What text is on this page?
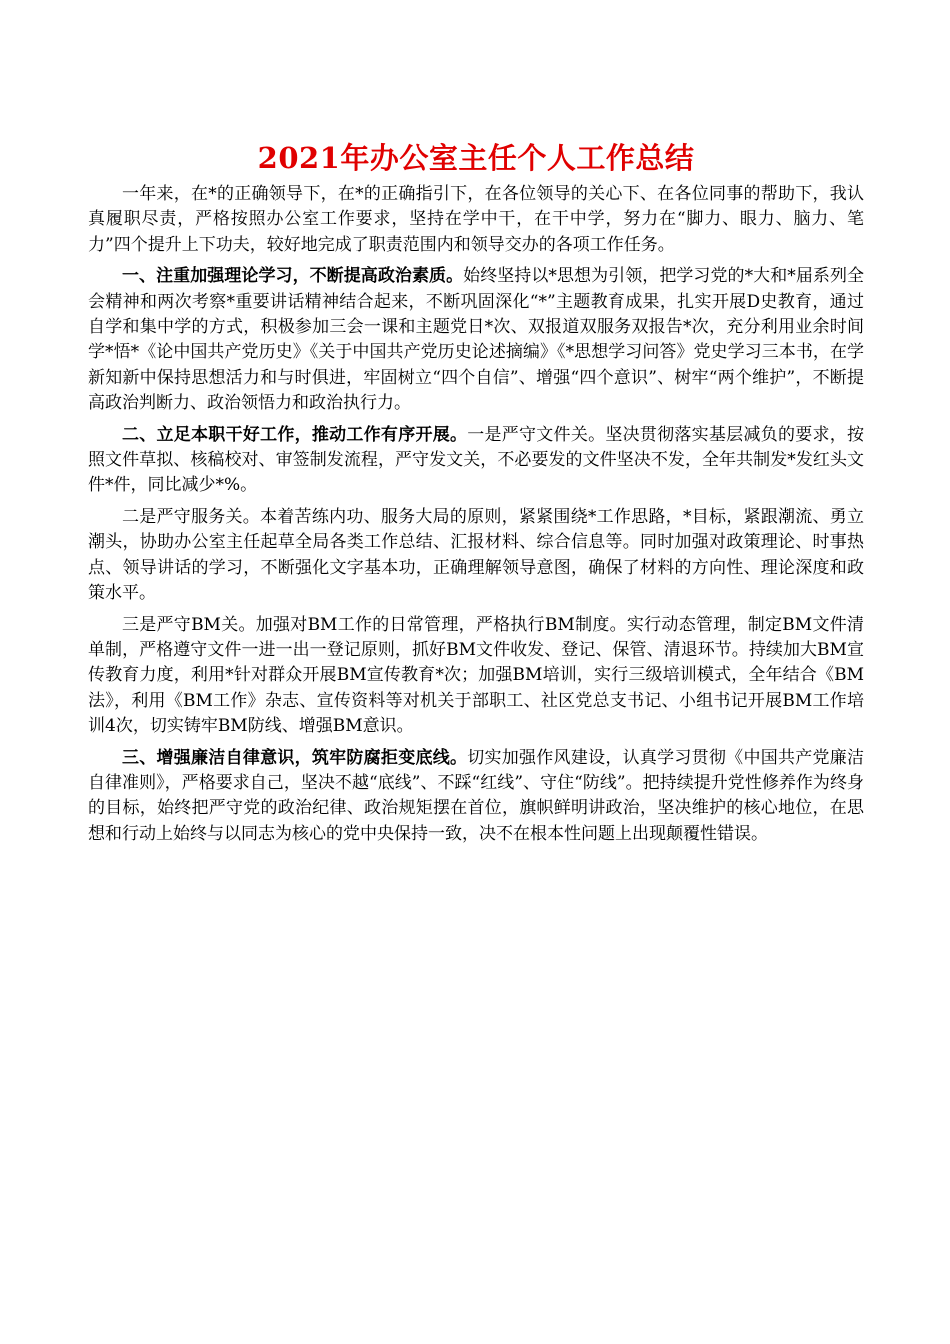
2021年办公室主任个人工作总结

一年来，在*的正确领导下，在*的正确指引下，在各位领导的关心下、在各位同事的帮助下，我认真履职尽责，严格按照办公室工作要求，坚持在学中干，在干中学，努力在“脚力、眼力、脑力、笔力”四个提升上下功夫，较好地完成了职责范围内和领导交办的各项工作任务。

一、注重加强理论学习，不断提高政治素质。始终坚持以*思想为引领，把学习党的*大和*届系列全会精神和两次考察*重要讲话精神结合起来，不断巩固深化“*”主题教育成果，扎实开展D史教育，通过自学和集中学的方式，积极参加三会一课和主题党日*次、双报道双服务双报告*次，充分利用业余时间学*悟*《论中国共产党历史》《关于中国共产党历史论述摘编》《*思想学习问答》党史学习三本书，在学新知新中保持思想活力和与时俱进，牢固树立“四个自信”、增强“四个意识”、树牢“两个维护”，不断提高政治判断力、政治领悟力和政治执行力。

二、立足本职干好工作，推动工作有序开展。一是严守文件关。坚决贯彻落实基层减负的要求，按照文件草拟、核稿校对、审签制发流程，严守发文关，不必要发的文件坚决不发，全年共制发*发红头文件*件，同比减少*%。

二是严守服务关。本着苦练内功、服务大局的原则，紧紧围绕*工作思路，*目标，紧跟潮流、勇立潮头，协助办公室主任起草全局各类工作总结、汇报材料、综合信息等。同时加强对政策理论、时事热点、领导讲话的学习，不断强化文字基本功，正确理解领导意图，确保了材料的方向性、理论深度和政策水平。

三是严守BM关。加强对BM工作的日常管理，严格执行BM制度。实行动态管理，制定BM文件清单制，严格遵守文件一进一出一登记原则，抓好BM文件收发、登记、保管、清退环节。持续加大BM宣传教育力度，利用*针对群众开展BM宣传教育*次；加强BM培训，实行三级培训模式，全年结合《BM法》，利用《BM工作》杂志、宣传资料等对机关于部职工、社区党总支书记、小组书记开展BM工作培训4次，切实铸牢BM防线、增强BM意识。

三、增强廉洁自律意识，筑牢防腐拒变底线。切实加强作风建设，认真学习贯彻《中国共产党廉洁自律准则》，严格要求自己，坚决不越“底线”、不踩“红线”、守住“防线”。把持续提升党性修养作为终身的目标，始终把严守党的政治纪律、政治规矩摆在首位，旗帜鲜明讲政治，坚决维护的核心地位，在思想和行动上始终与以同志为核心的党中央保持一致，决不在根本性问题上出现颠覆性错误。
